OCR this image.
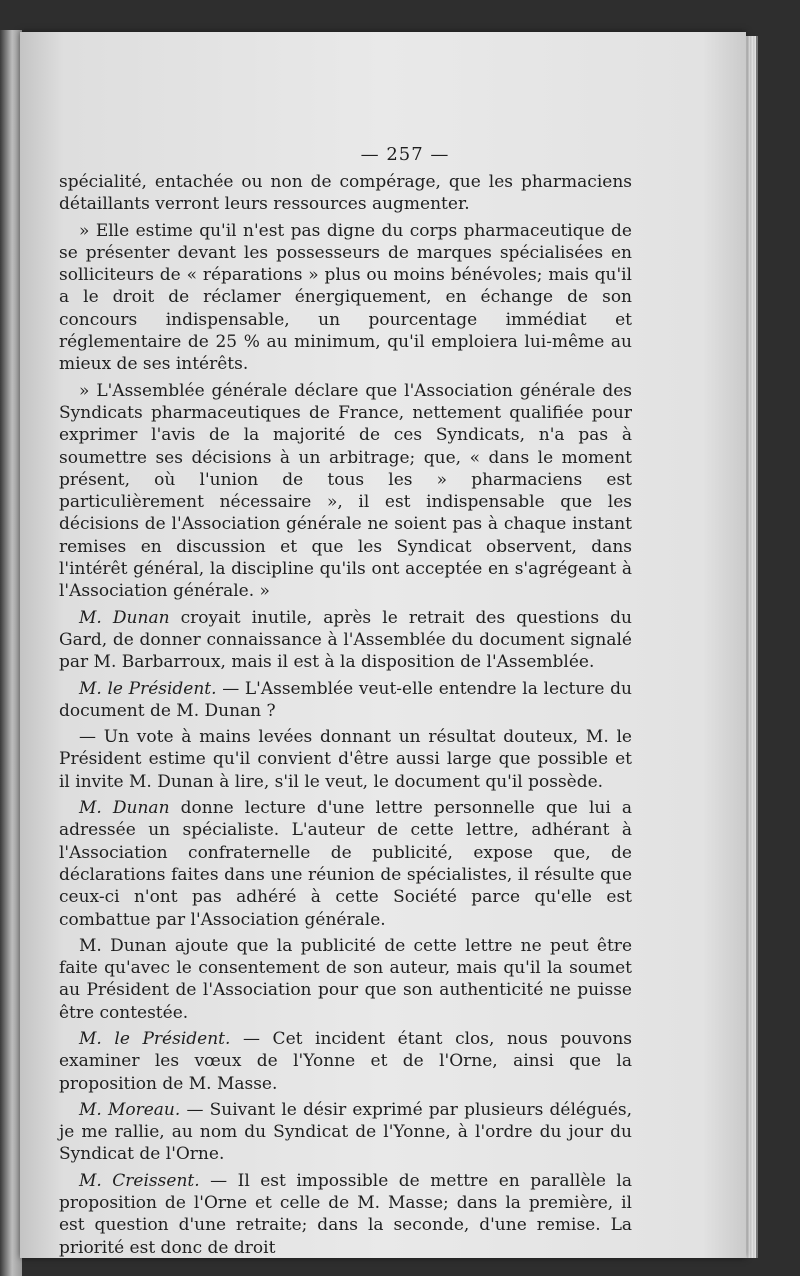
— 257 —

spécialité, entachée ou non de compérage, que les pharmaciens détaillants verront leurs ressources augmenter.

» Elle estime qu'il n'est pas digne du corps pharmaceutique de se présenter devant les possesseurs de marques spécialisées en solliciteurs de « réparations » plus ou moins bénévoles; mais qu'il a le droit de réclamer énergiquement, en échange de son concours indispensable, un pourcentage immédiat et réglementaire de 25 % au minimum, qu'il emploiera lui-même au mieux de ses intérêts.

» L'Assemblée générale déclare que l'Association générale des Syndicats pharmaceutiques de France, nettement qualifiée pour exprimer l'avis de la majorité de ces Syndicats, n'a pas à soumettre ses décisions à un arbitrage; que, « dans le moment présent, où l'union de tous les » pharmaciens est particulièrement nécessaire », il est indispensable que les décisions de l'Association générale ne soient pas à chaque instant remises en discussion et que les Syndicat observent, dans l'intérêt général, la discipline qu'ils ont acceptée en s'agrégeant à l'Association générale. »

M. Dunan croyait inutile, après le retrait des questions du Gard, de donner connaissance à l'Assemblée du document signalé par M. Barbarroux, mais il est à la disposition de l'Assemblée.

M. le Président. — L'Assemblée veut-elle entendre la lecture du document de M. Dunan ?

— Un vote à mains levées donnant un résultat douteux, M. le Président estime qu'il convient d'être aussi large que possible et il invite M. Dunan à lire, s'il le veut, le document qu'il possède.

M. Dunan donne lecture d'une lettre personnelle que lui a adressée un spécialiste. L'auteur de cette lettre, adhérant à l'Association confraternelle de publicité, expose que, de déclarations faites dans une réunion de spécialistes, il résulte que ceux-ci n'ont pas adhéré à cette Société parce qu'elle est combattue par l'Association générale.

M. Dunan ajoute que la publicité de cette lettre ne peut être faite qu'avec le consentement de son auteur, mais qu'il la soumet au Président de l'Association pour que son authenticité ne puisse être contestée.

M. le Président. — Cet incident étant clos, nous pouvons examiner les vœux de l'Yonne et de l'Orne, ainsi que la proposition de M. Masse.

M. Moreau. — Suivant le désir exprimé par plusieurs délégués, je me rallie, au nom du Syndicat de l'Yonne, à l'ordre du jour du Syndicat de l'Orne.

M. Creissent. — Il est impossible de mettre en parallèle la proposition de l'Orne et celle de M. Masse; dans la première, il est question d'une retraite; dans la seconde, d'une remise. La priorité est donc de droit
